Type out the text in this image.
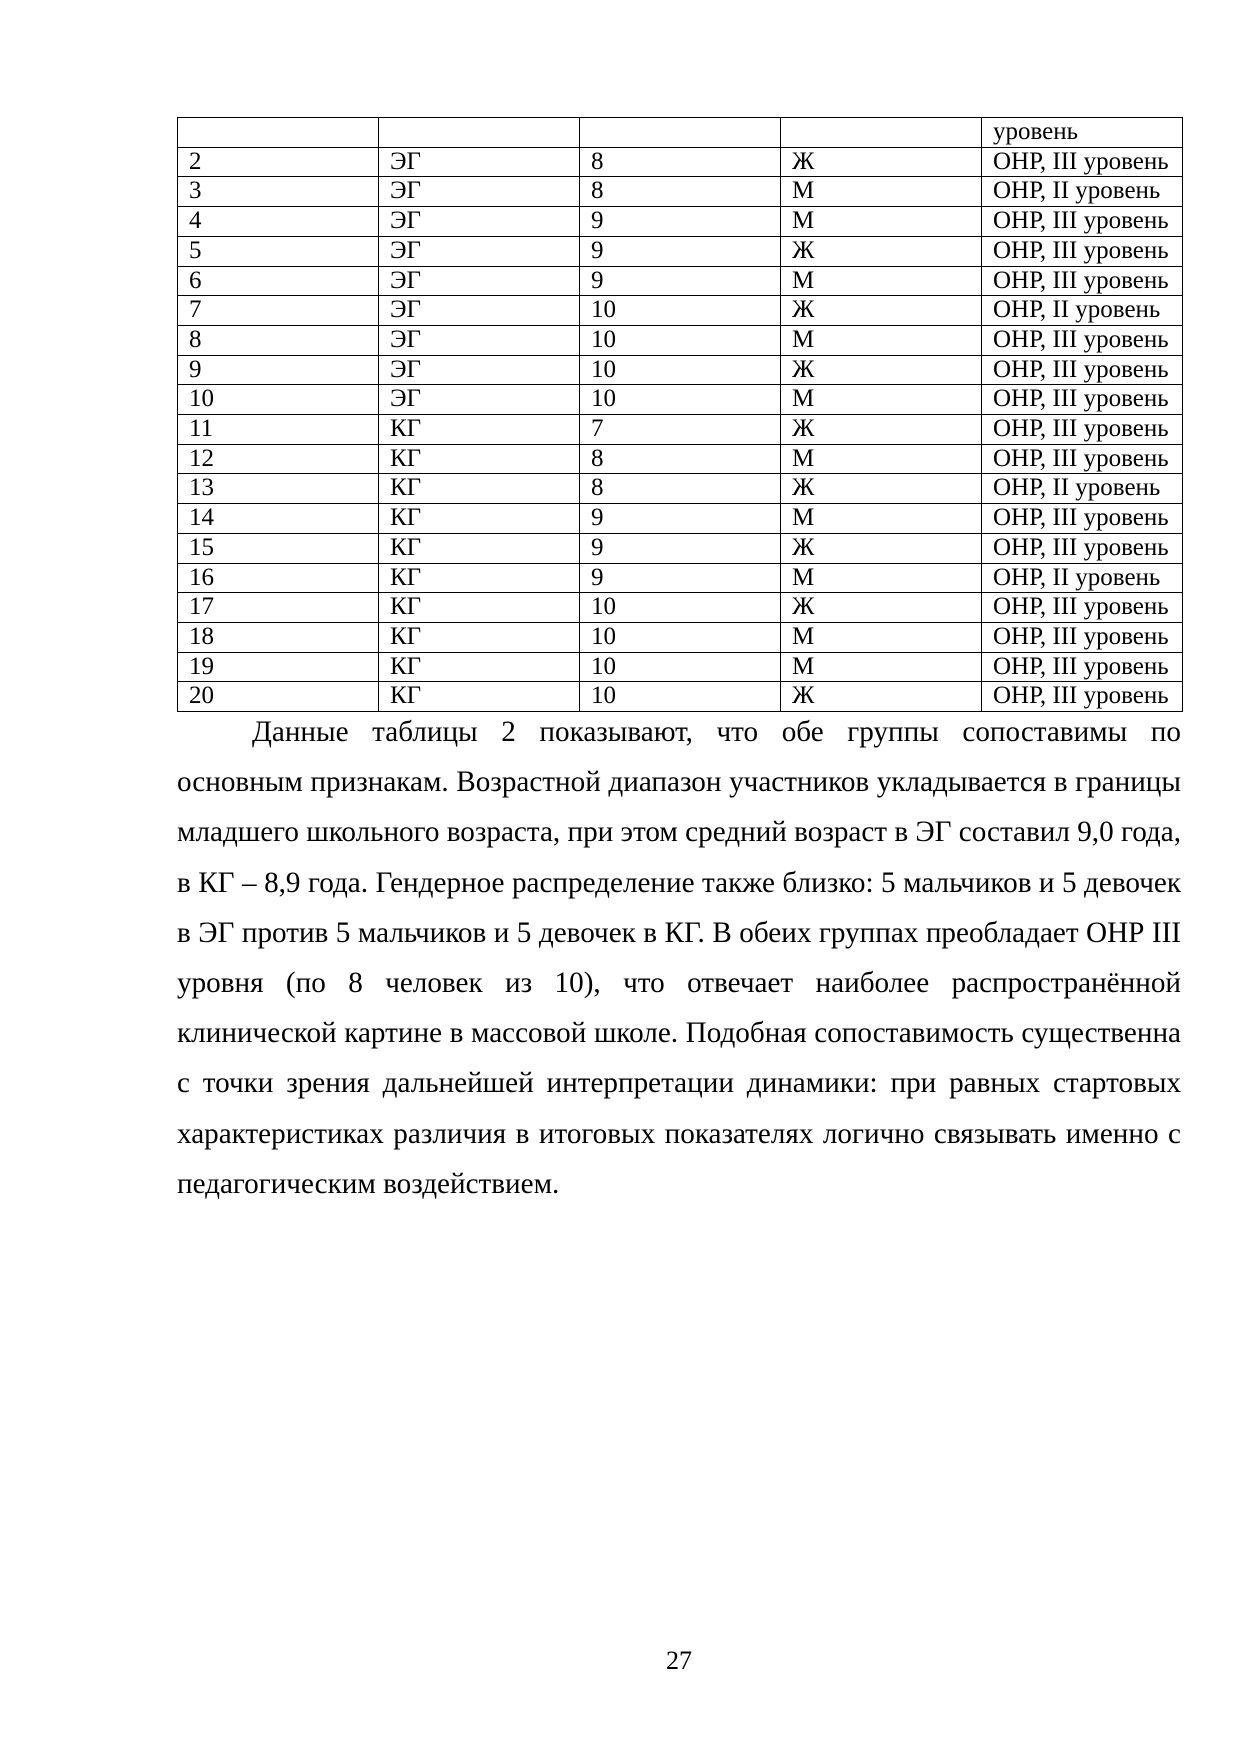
				уровень
2	ЭГ	8	Ж	ОНР, III уровень
3	ЭГ	8	М	ОНР, II уровень
4	ЭГ	9	М	ОНР, III уровень
5	ЭГ	9	Ж	ОНР, III уровень
6	ЭГ	9	М	ОНР, III уровень
7	ЭГ	10	Ж	ОНР, II уровень
8	ЭГ	10	М	ОНР, III уровень
9	ЭГ	10	Ж	ОНР, III уровень
10	ЭГ	10	М	ОНР, III уровень
11	КГ	7	Ж	ОНР, III уровень
12	КГ	8	М	ОНР, III уровень
13	КГ	8	Ж	ОНР, II уровень
14	КГ	9	М	ОНР, III уровень
15	КГ	9	Ж	ОНР, III уровень
16	КГ	9	М	ОНР, II уровень
17	КГ	10	Ж	ОНР, III уровень
18	КГ	10	М	ОНР, III уровень
19	КГ	10	М	ОНР, III уровень
20	КГ	10	Ж	ОНР, III уровень

Данные таблицы 2 показывают, что обе группы сопоставимы по основным признакам. Возрастной диапазон участников укладывается в границы младшего школьного возраста, при этом средний возраст в ЭГ составил 9,0 года, в КГ – 8,9 года. Гендерное распределение также близко: 5 мальчиков и 5 девочек в ЭГ против 5 мальчиков и 5 девочек в КГ. В обеих группах преобладает ОНР III уровня (по 8 человек из 10), что отвечает наиболее распространённой клинической картине в массовой школе. Подобная сопоставимость существенна с точки зрения дальнейшей интерпретации динамики: при равных стартовых характеристиках различия в итоговых показателях логично связывать именно с педагогическим воздействием.

27
